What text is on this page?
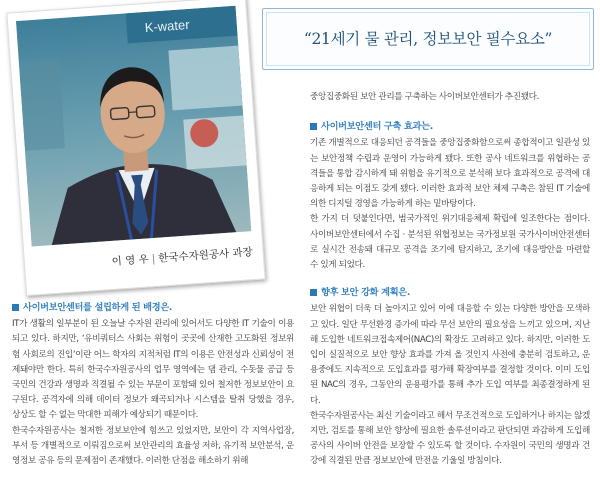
K-water
이 영 우 | 한국수자원공사 과장
“21세기 물 관리, 정보보안 필수요소”

중앙집중화된 보안 관리를 구축하는 사이버보안센터가 추진됐다.

사이버보안센터 구축 효과는.

기존 개별적으로 대응되던 공격들을 중앙집중화함으로써 종합적이고 일관성 있는 보안정책 수립과 운영이 가능하게 됐다. 또한 공사 네트워크를 위협하는 공격들을 통합 감시하게 돼 위험을 유기적으로 분석해 보다 효과적으로 공격에 대응하게 되는 이점도 갖게 됐다. 이러한 효과적 보안 체제 구축은 참된 IT 기술에 의한 디지털 경영을 가능하게 하는 밑바탕이다.

한 가지 더 덧붙인다면, 범국가적인 위기대응체제 확립에 일조한다는 점이다. 사이버보안센터에서 수집 · 분석된 위협정보는 국가정보원 국가사이버안전센터로 실시간 전송돼 대규모 공격을 조기에 탐지하고, 조기에 대응방안을 마련할 수 있게 되었다.

향후 보안 강화 계획은.

보안 위협이 더욱 더 높아지고 있어 이에 대응할 수 있는 다양한 방안을 모색하고 있다. 일단 무선환경 증가에 따라 무선 보안의 필요성을 느끼고 있으며, 지난해 도입한 네트워크접속제어(NAC)의 확장도 고려하고 있다. 하지만, 이러한 도입이 실질적으로 보안 향상 효과를 가져 올 것인지 사전에 충분히 검토하고, 운용중에도 지속적으로 도입효과를 평가해 확장여부를 결정할 것이다. 이미 도입된 NAC의 경우, 그동안의 운용평가를 통해 추가 도입 여부를 최종결정하게 된다.

한국수자원공사는 최신 기술이라고 해서 무조건적으로 도입하거나 하지는 않겠지만, 검토를 통해 보안 향상에 필요한 솔루션이라고 판단되면 과감하게 도입해 공사의 사이버 안전을 보장할 수 있도록 할 것이다. 수자원이 국민의 생명과 건강에 직결된 만큼 정보보안에 만전을 기울일 방침이다.

사이버보안센터를 설립하게 된 배경은.

IT가 생활의 일부분이 된 오늘날 수자원 관리에 있어서도 다양한 IT 기술이 이용되고 있다. 하지만, ‘유비쿼터스 사회는 위험이 곳곳에 산재한 고도화된 정보위험 사회로의 진입’이란 어느 학자의 지적처럼 IT의 이용은 안전성과 신뢰성이 전제돼야만 한다. 특히 한국수자원공사의 업무 영역에는 댐 관리, 수돗물 공급 등 국민의 건강과 생명과 직결될 수 있는 부문이 포함돼 있어 철저한 정보보안이 요구된다. 공격자에 의해 데이터 정보가 왜곡되거나 시스템을 탈취 당했을 경우, 상상도 할 수 없는 막대한 피해가 예상되기 때문이다.

한국수자원공사는 철저한 정보보안에 힘쓰고 있었지만, 보안이 각 지역사업장, 부서 등 개별적으로 이뤄짐으로써 보안관리의 효율성 저하, 유기적 보안분석, 운영정보 공유 등의 문제점이 존재했다. 이러한 단점을 해소하기 위해
